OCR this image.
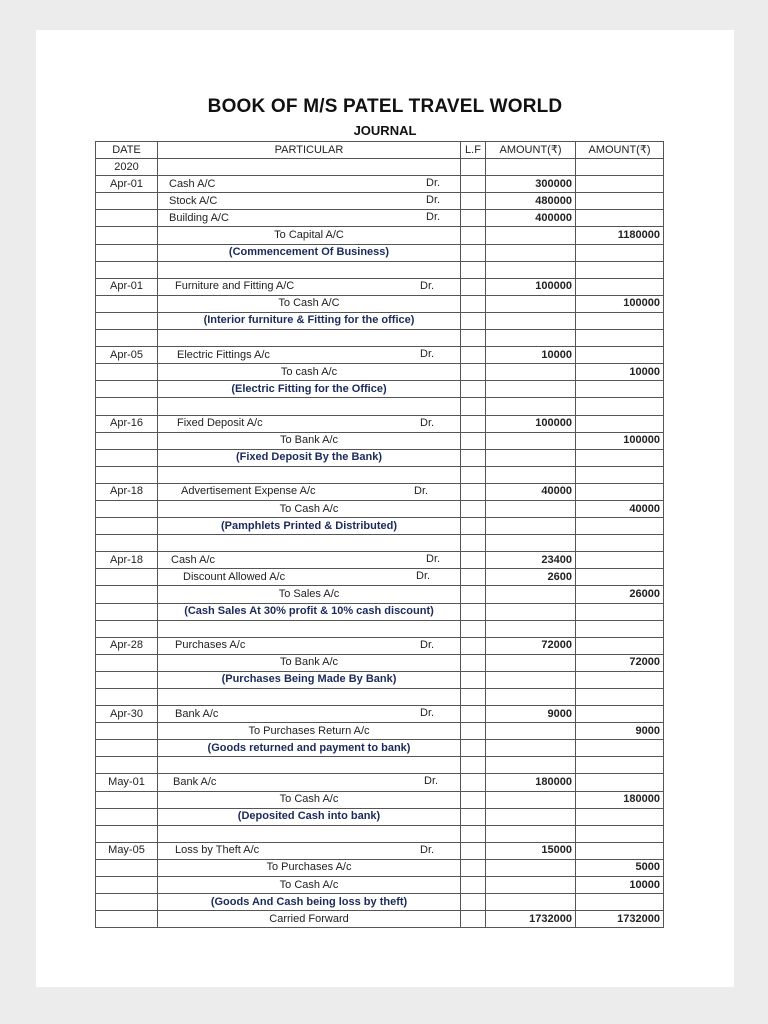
BOOK OF M/S PATEL TRAVEL WORLD
JOURNAL
DATE	PARTICULAR	L.F	AMOUNT(₹)	AMOUNT(₹)
2020				
Apr-01	Cash A/C Dr.		300000	
	Stock A/C Dr.		480000	
	Building A/C Dr.		400000	
	To Capital A/C			1180000
	(Commencement Of Business)			

Apr-01	Furniture and Fitting A/C Dr.		100000	
	To Cash A/C			100000
	(Interior furniture & Fitting for the office)			

Apr-05	Electric Fittings A/c Dr.		10000	
	To cash A/c			10000
	(Electric Fitting for the Office)			

Apr-16	Fixed Deposit A/c Dr.		100000	
	To Bank A/c			100000
	(Fixed Deposit By the Bank)			

Apr-18	Advertisement Expense A/c Dr.		40000	
	To Cash A/c			40000
	(Pamphlets Printed & Distributed)			

Apr-18	Cash A/c Dr.		23400	
	Discount Allowed A/c Dr.		2600	
	To Sales A/c			26000
	(Cash Sales At 30% profit & 10% cash discount)			

Apr-28	Purchases A/c Dr.		72000	
	To Bank A/c			72000
	(Purchases Being Made By Bank)			

Apr-30	Bank A/c Dr.		9000	
	To Purchases Return A/c			9000
	(Goods returned and payment to bank)			

May-01	Bank A/c Dr.		180000	
	To Cash A/c			180000
	(Deposited Cash into bank)			

May-05	Loss by Theft A/c Dr.		15000	
	To Purchases A/c			5000
	To Cash A/c			10000
	(Goods And Cash being loss by theft)			
	Carried Forward		1732000	1732000
